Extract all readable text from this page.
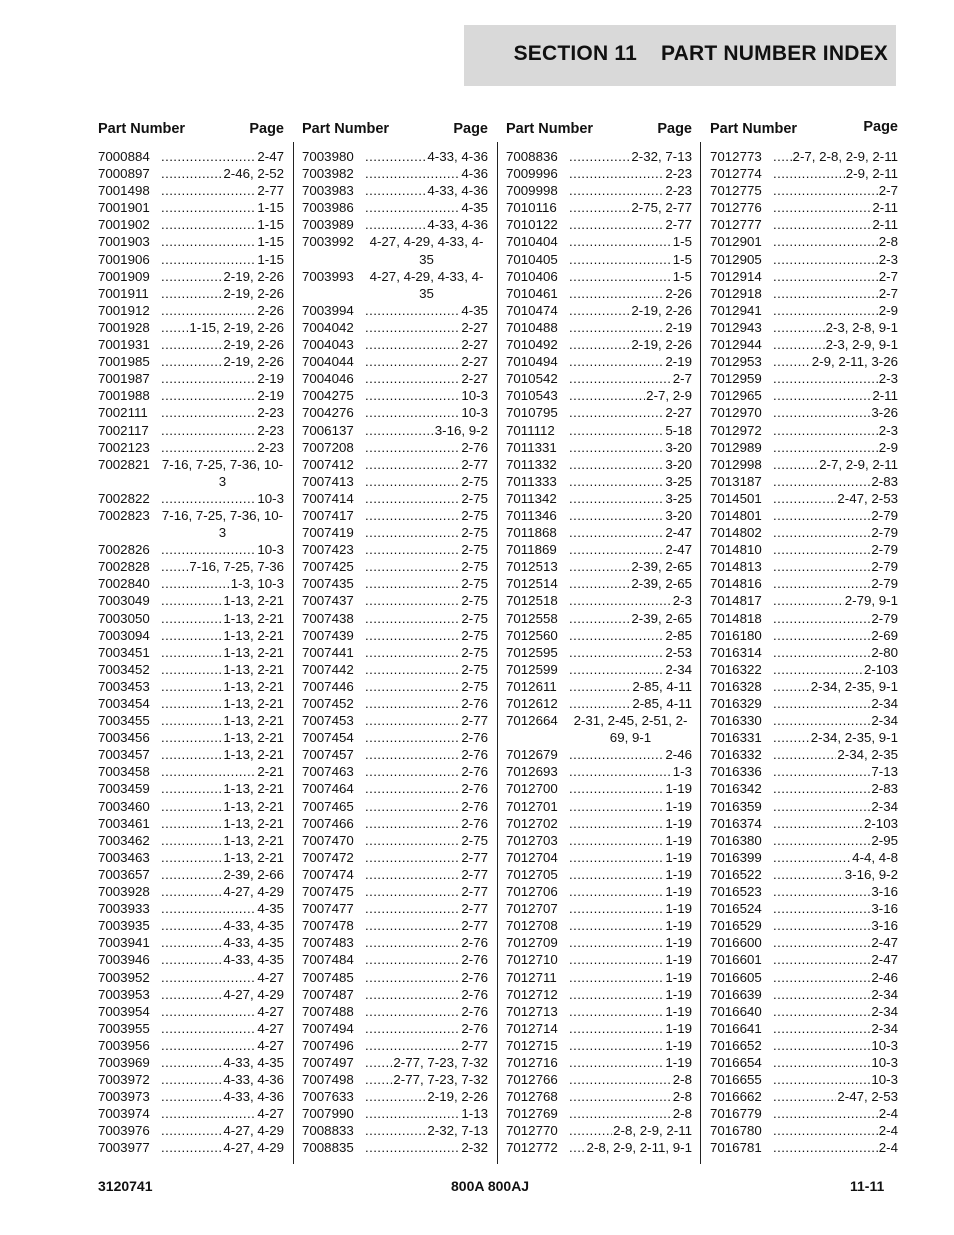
SECTION 11 PART NUMBER INDEX
Part Number	Page
7000884 .....	2-47
7000897 .....	2-46, 2-52
7001498 .....	2-77
7001901 .....	1-15
7001902 .....	1-15
7001903 .....	1-15
7001906 .....	1-15
7001909 .....	2-19, 2-26
7001911 .....	2-19, 2-26
7001912 .....	2-26
7001928 .....	1-15, 2-19, 2-26
7001931 .....	2-19, 2-26
7001985 .....	2-19, 2-26
7001987 .....	2-19
7001988 .....	2-19
7002111 .....	2-23
7002117 .....	2-23
7002123 .....	2-23
7002821 7-16, 7-25, 7-36, 10-3
7002822 .....	10-3
7002823 7-16, 7-25, 7-36, 10-3
7002826 .....	10-3
7002828 .....	7-16, 7-25, 7-36
7002840 .....	1-3, 10-3
7003049 .....	1-13, 2-21
7003050 .....	1-13, 2-21
7003094 .....	1-13, 2-21
7003451 .....	1-13, 2-21
7003452 .....	1-13, 2-21
7003453 .....	1-13, 2-21
7003454 .....	1-13, 2-21
7003455 .....	1-13, 2-21
7003456 .....	1-13, 2-21
7003457 .....	1-13, 2-21
7003458 .....	2-21
7003459 .....	1-13, 2-21
7003460 .....	1-13, 2-21
7003461 .....	1-13, 2-21
7003462 .....	1-13, 2-21
7003463 .....	1-13, 2-21
7003657 .....	2-39, 2-66
7003928 .....	4-27, 4-29
7003933 .....	4-35
7003935 .....	4-33, 4-35
7003941 .....	4-33, 4-35
7003946 .....	4-33, 4-35
7003952 .....	4-27
7003953 .....	4-27, 4-29
7003954 .....	4-27
7003955 .....	4-27
7003956 .....	4-27
7003969 .....	4-33, 4-35
7003972 .....	4-33, 4-36
7003973 .....	4-33, 4-36
7003974 .....	4-27
7003976 .....	4-27, 4-29
7003977 .....	4-27, 4-29
Part Number	Page
7003980 .....	4-33, 4-36
7003982 .....	4-36
7003983 .....	4-33, 4-36
7003986 .....	4-35
7003989 .....	4-33, 4-36
7003992	4-27, 4-29, 4-33, 4-35
7003993	4-27, 4-29, 4-33, 4-35
7003994 .....	4-35
7004042 .....	2-27
7004043 .....	2-27
7004044 .....	2-27
7004046 .....	2-27
7004275 .....	10-3
7004276 .....	10-3
7006137 .....	3-16, 9-2
7007208 .....	2-76
7007412 .....	2-77
7007413 .....	2-75
7007414 .....	2-75
7007417 .....	2-75
7007419 .....	2-75
7007423 .....	2-75
7007425 .....	2-75
7007435 .....	2-75
7007437 .....	2-75
7007438 .....	2-75
7007439 .....	2-75
7007441 .....	2-75
7007442 .....	2-75
7007446 .....	2-75
7007452 .....	2-76
7007453 .....	2-77
7007454 .....	2-76
7007457 .....	2-76
7007463 .....	2-76
7007464 .....	2-76
7007465 .....	2-76
7007466 .....	2-76
7007470 .....	2-75
7007472 .....	2-77
7007474 .....	2-77
7007475 .....	2-77
7007477 .....	2-77
7007478 .....	2-77
7007483 .....	2-76
7007484 .....	2-76
7007485 .....	2-76
7007487 .....	2-76
7007488 .....	2-76
7007494 .....	2-76
7007496 .....	2-77
7007497 .....	2-77, 7-23, 7-32
7007498 .....	2-77, 7-23, 7-32
7007633 .....	2-19, 2-26
7007990 .....	1-13
7008833 .....	2-32, 7-13
7008835 .....	2-32
Part Number	Page
7008836 .....	2-32, 7-13
7009996 .....	2-23
7009998 .....	2-23
7010116 .....	2-75, 2-77
7010122 .....	2-77
7010404 .....	1-5
7010405 .....	1-5
7010406 .....	1-5
7010461 .....	2-26
7010474 .....	2-19, 2-26
7010488 .....	2-19
7010492 .....	2-19, 2-26
7010494 .....	2-19
7010542 .....	2-7
7010543 .....	2-7, 2-9
7010795 .....	2-27
7011112 .....	5-18
7011331 .....	3-20
7011332 .....	3-20
7011333 .....	3-25
7011342 .....	3-25
7011346 .....	3-20
7011868 .....	2-47
7011869 .....	2-47
7012513 .....	2-39, 2-65
7012514 .....	2-39, 2-65
7012518 .....	2-3
7012558 .....	2-39, 2-65
7012560 .....	2-85
7012595 .....	2-53
7012599 .....	2-34
7012611 .....	2-85, 4-11
7012612 .....	2-85, 4-11
7012664	2-31, 2-45, 2-51, 2-69, 9-1
7012679 .....	2-46
7012693 .....	1-3
7012700 .....	1-19
7012701 .....	1-19
7012702 .....	1-19
7012703 .....	1-19
7012704 .....	1-19
7012705 .....	1-19
7012706 .....	1-19
7012707 .....	1-19
7012708 .....	1-19
7012709 .....	1-19
7012710 .....	1-19
7012711 .....	1-19
7012712 .....	1-19
7012713 .....	1-19
7012714 .....	1-19
7012715 .....	1-19
7012716 .....	1-19
7012766 .....	2-8
7012768 .....	2-8
7012769 .....	2-8
7012770 .....	2-8, 2-9, 2-11
7012772 .....	2-8, 2-9, 2-11, 9-1
Part Number	Page
7012773 .....	2-7, 2-8, 2-9, 2-11
7012774 .....	2-9, 2-11
7012775 .....	2-7
7012776 .....	2-11
7012777 .....	2-11
7012901 .....	2-8
7012905 .....	2-3
7012914 .....	2-7
7012918 .....	2-7
7012941 .....	2-9
7012943 .....	2-3, 2-8, 9-1
7012944 .....	2-3, 2-9, 9-1
7012953 .....	2-9, 2-11, 3-26
7012959 .....	2-3
7012965 .....	2-11
7012970 .....	3-26
7012972 .....	2-3
7012989 .....	2-9
7012998 .....	2-7, 2-9, 2-11
7013187 .....	2-83
7014501 .....	2-47, 2-53
7014801 .....	2-79
7014802 .....	2-79
7014810 .....	2-79
7014813 .....	2-79
7014816 .....	2-79
7014817 .....	2-79, 9-1
7014818 .....	2-79
7016180 .....	2-69
7016314 .....	2-80
7016322 .....	2-103
7016328 .....	2-34, 2-35, 9-1
7016329 .....	2-34
7016330 .....	2-34
7016331 .....	2-34, 2-35, 9-1
7016332 .....	2-34, 2-35
7016336 .....	7-13
7016342 .....	2-83
7016359 .....	2-34
7016374 .....	2-103
7016380 .....	2-95
7016399 .....	4-4, 4-8
7016522 .....	3-16, 9-2
7016523 .....	3-16
7016524 .....	3-16
7016529 .....	3-16
7016600 .....	2-47
7016601 .....	2-47
7016605 .....	2-46
7016639 .....	2-34
7016640 .....	2-34
7016641 .....	2-34
7016652 .....	10-3
7016654 .....	10-3
7016655 .....	10-3
7016662 .....	2-47, 2-53
7016779 .....	2-4
7016780 .....	2-4
7016781 .....	2-4
3120741	800A 800AJ	11-11
